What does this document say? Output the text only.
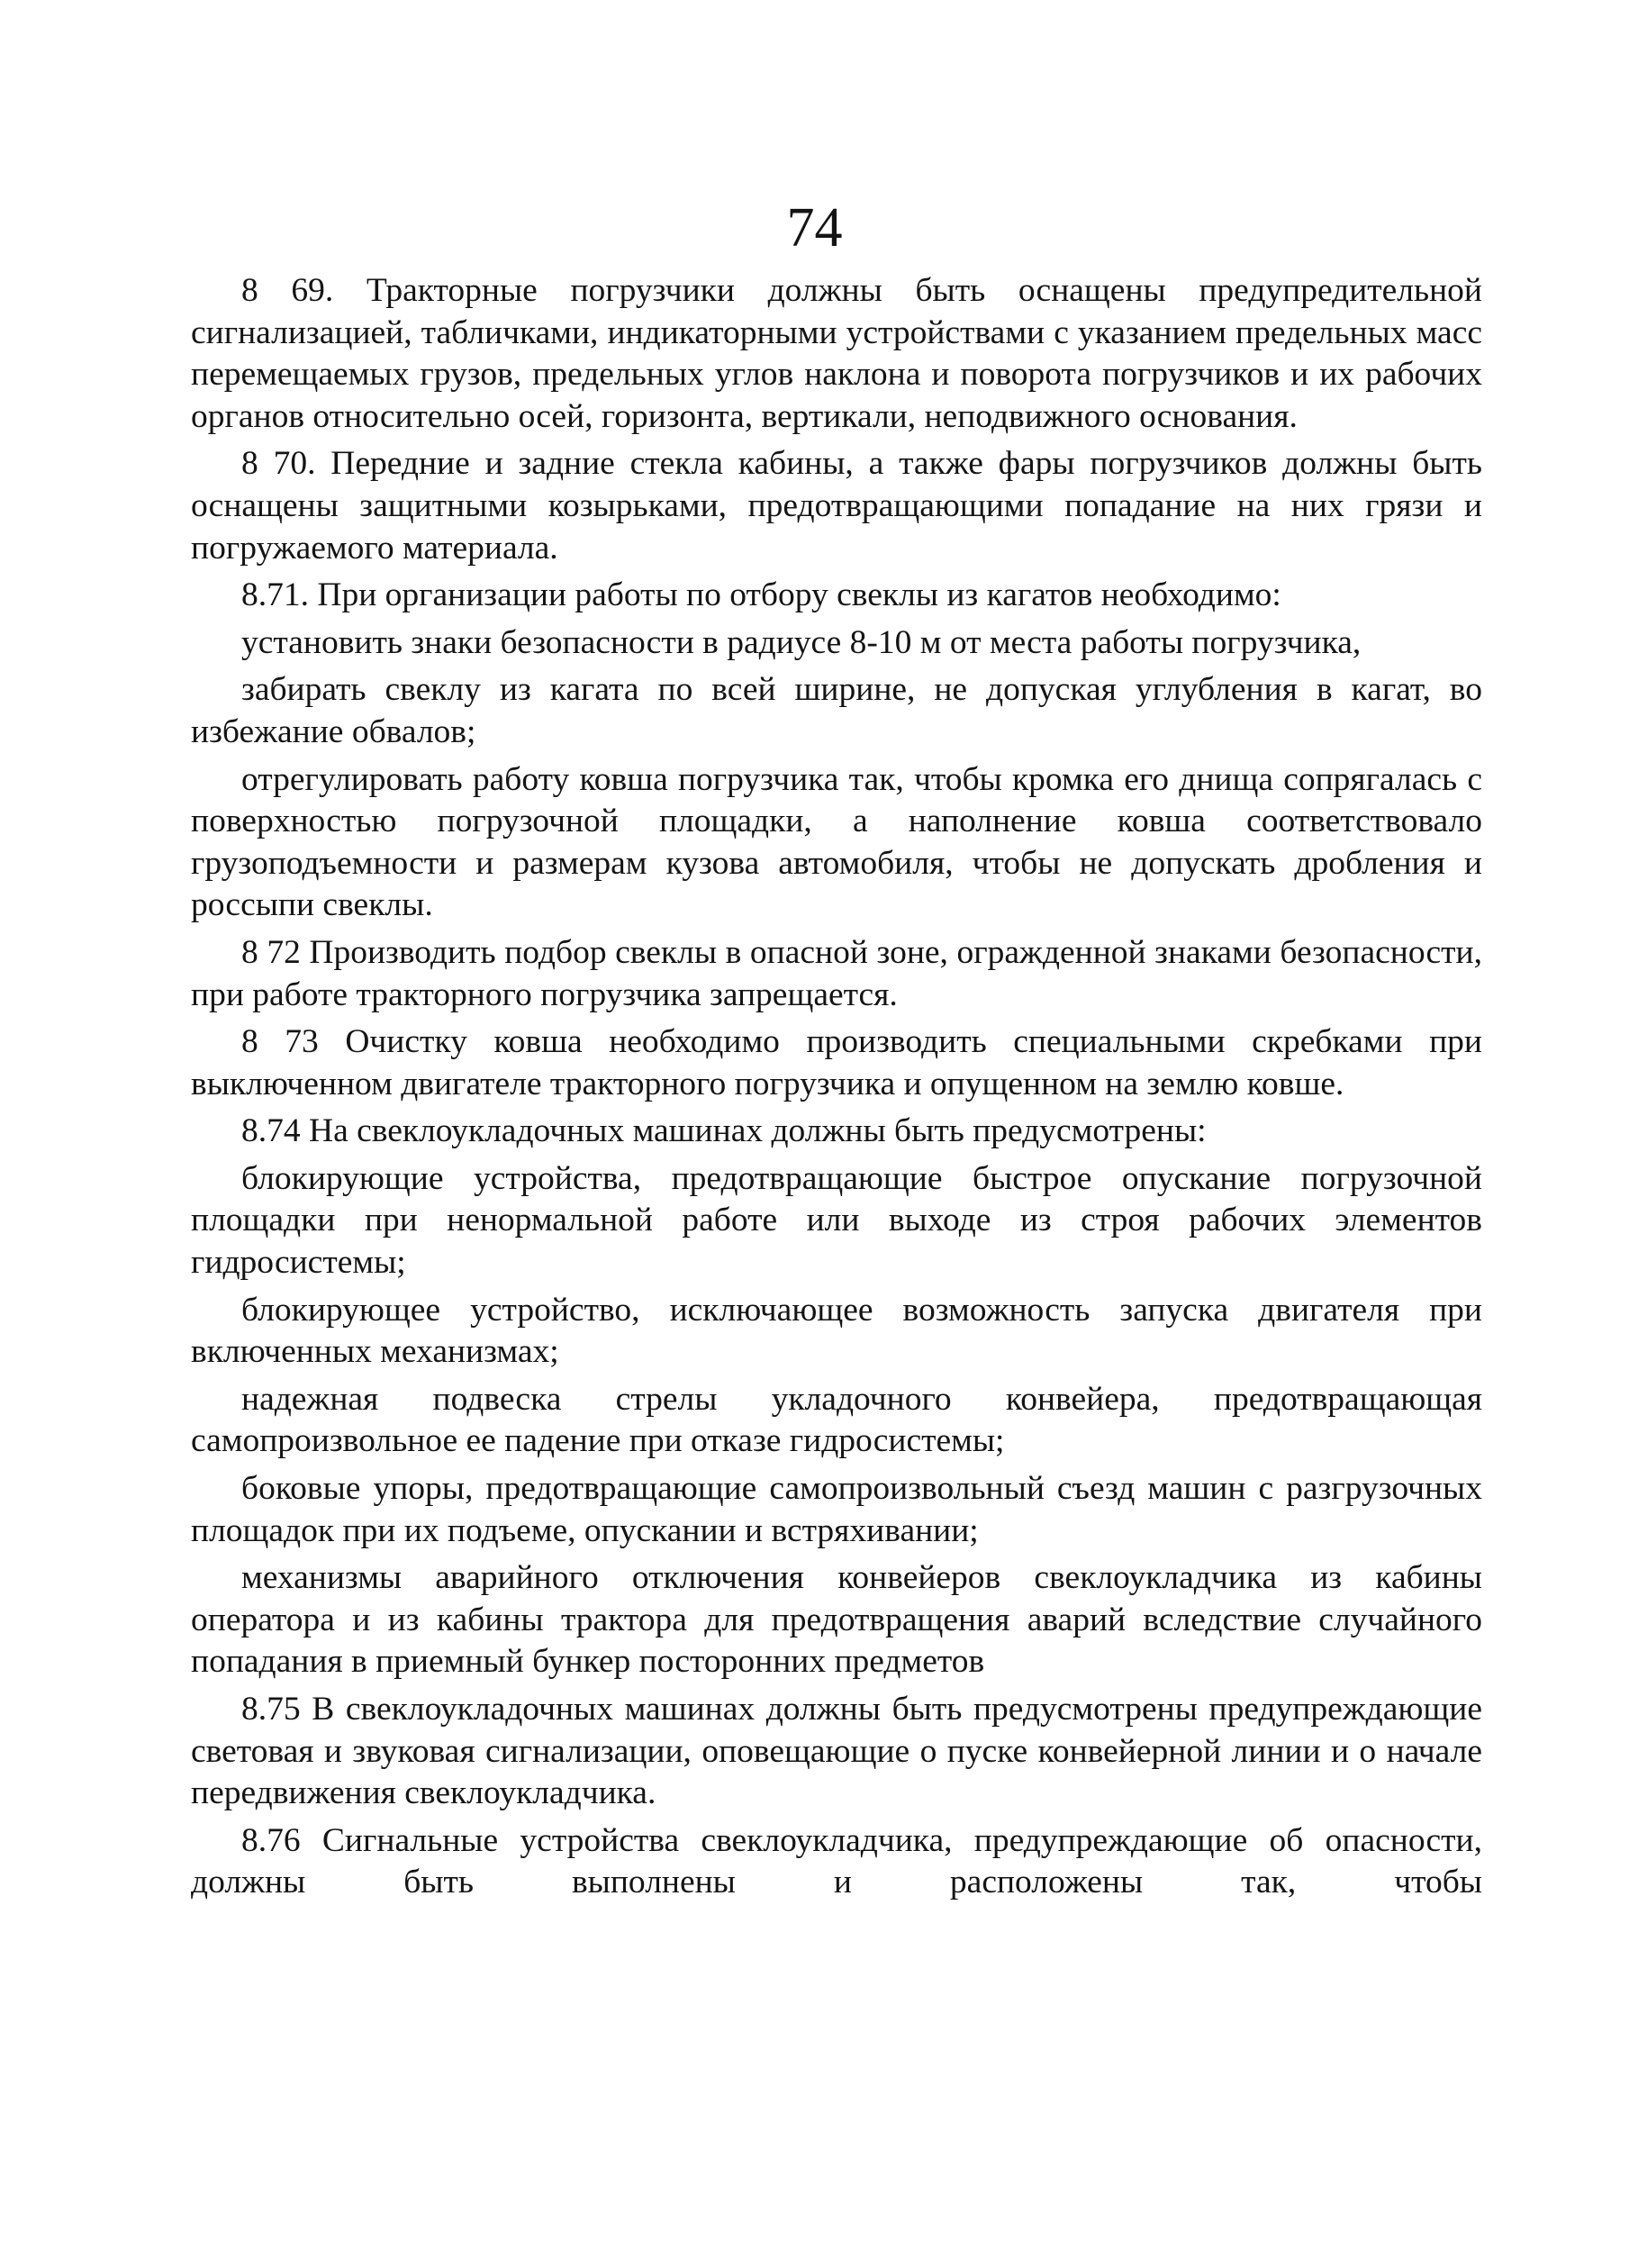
74

8 69. Тракторные погрузчики должны быть оснащены предупредительной сигнализацией, табличками, индикаторными устройствами с указанием предельных масс перемещаемых грузов, предельных углов наклона и поворота погрузчиков и их рабочих органов относительно осей, горизонта, вертикали, неподвижного основания.

8 70. Передние и задние стекла кабины, а также фары погрузчиков должны быть оснащены защитными козырьками, предотвращающими попадание на них грязи и погружаемого материала.

8.71. При организации работы по отбору свеклы из кагатов необходимо:

установить знаки безопасности в радиусе 8-10 м от места работы погрузчика,

забирать свеклу из кагата по всей ширине, не допуская углубления в кагат, во избежание обвалов;

отрегулировать работу ковша погрузчика так, чтобы кромка его днища сопрягалась с поверхностью погрузочной площадки, а наполнение ковша соответствовало грузоподъемности и размерам кузова автомобиля, чтобы не допускать дробления и россыпи свеклы.

8 72 Производить подбор свеклы в опасной зоне, огражденной знаками безопасности, при работе тракторного погрузчика запрещается.

8 73 Очистку ковша необходимо производить специальными скребками при выключенном двигателе тракторного погрузчика и опущенном на землю ковше.

8.74 На свеклоукладочных машинах должны быть предусмотрены:

блокирующие устройства, предотвращающие быстрое опускание погрузочной площадки при ненормальной работе или выходе из строя рабочих элементов гидросистемы;

блокирующее устройство, исключающее возможность запуска двигателя при включенных механизмах;

надежная подвеска стрелы укладочного конвейера, предотвращающая самопроизвольное ее падение при отказе гидросистемы;

боковые упоры, предотвращающие самопроизвольный съезд машин с разгрузочных площадок при их подъеме, опускании и встряхивании;

механизмы аварийного отключения конвейеров свеклоукладчика из кабины оператора и из кабины трактора для предотвращения аварий вследствие случайного попадания в приемный бункер посторонних предметов

8.75 В свеклоукладочных машинах должны быть предусмотрены предупреждающие световая и звуковая сигнализации, оповещающие о пуске конвейерной линии и о начале передвижения свеклоукладчика.

8.76 Сигнальные устройства свеклоукладчика, предупреждающие об опасности, должны быть выполнены и расположены так, чтобы
